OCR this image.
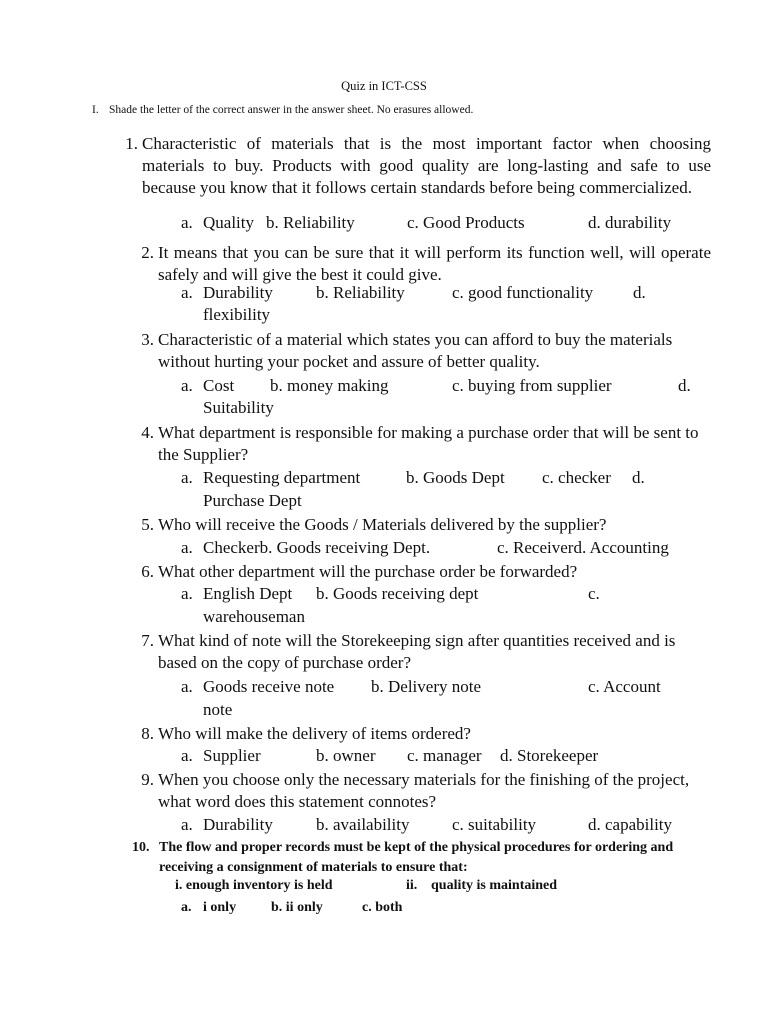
Quiz in ICT-CSS
I. Shade the letter of the correct answer in the answer sheet. No erasures allowed.
1. Characteristic of materials that is the most important factor when choosing materials to buy. Products with good quality are long-lasting and safe to use because you know that it follows certain standards before being commercialized.
a. Quality b. Reliability	c. Good Products	d. durability
2. It means that you can be sure that it will perform its function well, will operate safely and will give the best it could give.
a. Durability	b. Reliability	c. good functionality d.
flexibility
3. Characteristic of a material which states you can afford to buy the materials without hurting your pocket and assure of better quality.
a. Cost b. money making	c. buying from supplier	d.
Suitability
4. What department is responsible for making a purchase order that will be sent to the Supplier?
a. Requesting department	b. Goods Dept c. checker d.
Purchase Dept
5. Who will receive the Goods / Materials delivered by the supplier?
a. Checkerb. Goods receiving Dept.	c. Receiverd. Accounting
6. What other department will the purchase order be forwarded?
a. English Dept b. Goods receiving dept	c.
warehouseman
7. What kind of note will the Storekeeping sign after quantities received and is based on the copy of purchase order?
a. Goods receive note b. Delivery note	c. Account
note
8. Who will make the delivery of items ordered?
a. Supplier	b. owner c. manager d. Storekeeper
9. When you choose only the necessary materials for the finishing of the project, what word does this statement connotes?
a. Durability	b. availability	c. suitability	d. capability
10. The flow and proper records must be kept of the physical procedures for ordering and receiving a consignment of materials to ensure that:
i. enough inventory is held	ii. quality is maintained
a. i only b. ii only	c. both
